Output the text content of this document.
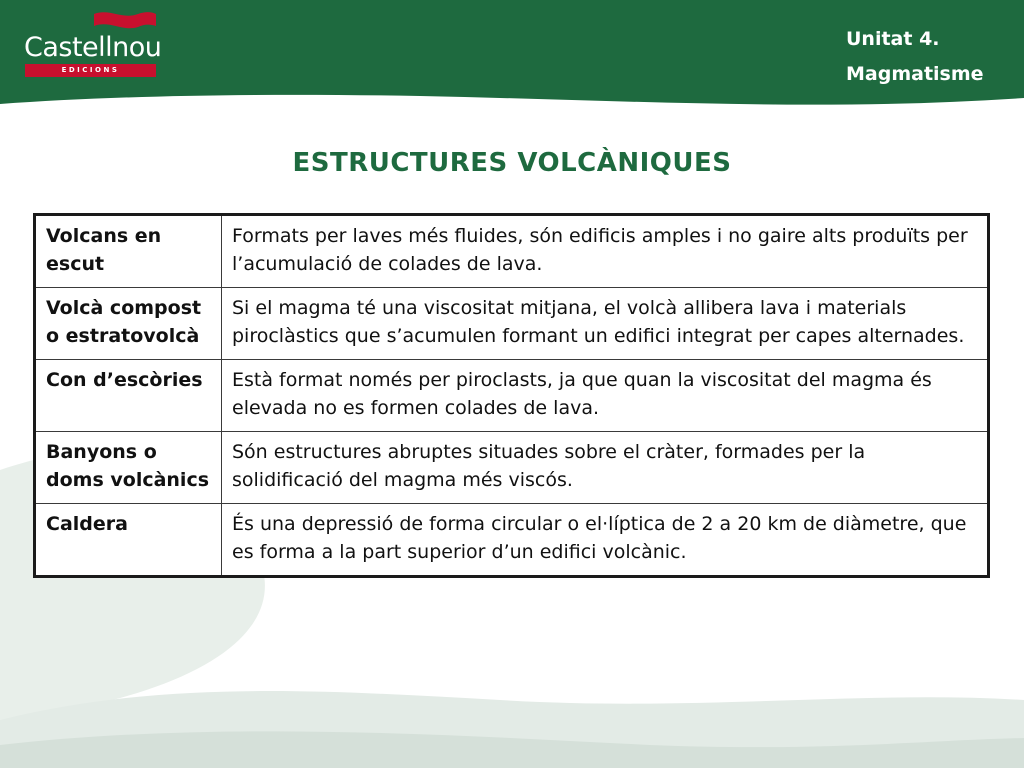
Castellnou
EDICIONS
Unitat 4.
Magmatisme
ESTRUCTURES VOLCÀNIQUES
Volcans en escut	Formats per laves més fluides, són edificis amples i no gaire alts produïts per l’acumulació de colades de lava.
Volcà compost o estratovolcà	Si el magma té una viscositat mitjana, el volcà allibera lava i materials piroclàstics que s’acumulen formant un edifici integrat per capes alternades.
Con d’escòries	Està format només per piroclasts, ja que quan la viscositat del magma és elevada no es formen colades de lava.
Banyons o doms volcànics	Són estructures abruptes situades sobre el cràter, formades per la solidificació del magma més viscós.
Caldera	És una depressió de forma circular o el·líptica de 2 a 20 km de diàmetre, que es forma a la part superior d’un edifici volcànic.
